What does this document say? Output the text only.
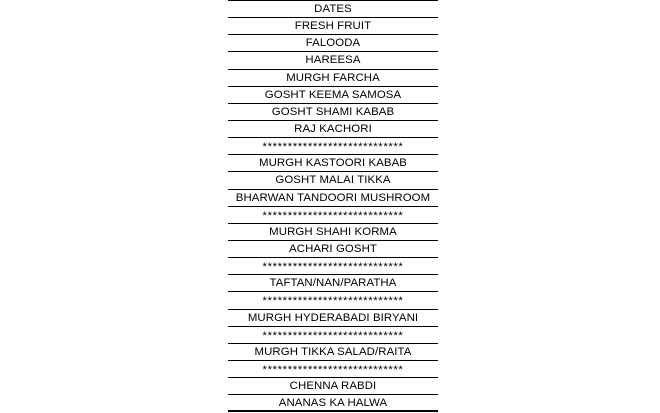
DATES
FRESH FRUIT
FALOODA
HAREESA
MURGH FARCHA
GOSHT KEEMA SAMOSA
GOSHT SHAMI KABAB
RAJ KACHORI
****************************
MURGH KASTOORI KABAB
GOSHT MALAI TIKKA
BHARWAN TANDOORI MUSHROOM
****************************
MURGH SHAHI KORMA
ACHARI GOSHT
****************************
TAFTAN/NAN/PARATHA
****************************
MURGH HYDERABADI BIRYANI
****************************
MURGH TIKKA SALAD/RAITA
****************************
CHENNA RABDI
ANANAS KA HALWA
